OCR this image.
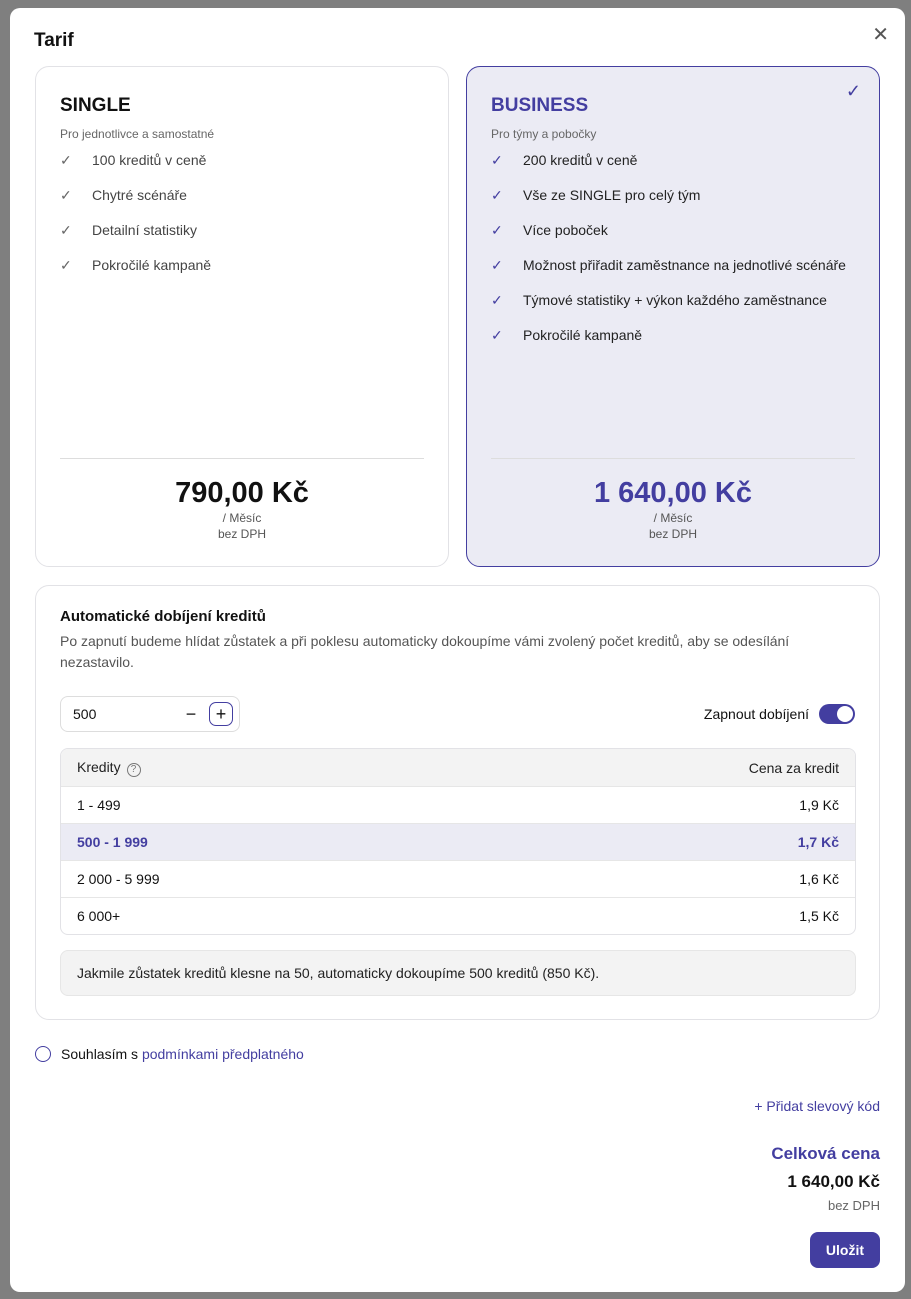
Tarif	✕
SINGLE
Pro jednotlivce a samostatné
✓	100 kreditů v ceně
✓	Chytré scénáře
✓	Detailní statistiky
✓	Pokročilé kampaně
790,00 Kč
/ Měsíc
bez DPH
✓
BUSINESS
Pro týmy a pobočky
✓	200 kreditů v ceně
✓	Vše ze SINGLE pro celý tým
✓	Více poboček
✓	Možnost přiřadit zaměstnance na jednotlivé scénáře
✓	Týmové statistiky + výkon každého zaměstnance
✓	Pokročilé kampaně
1 640,00 Kč
/ Měsíc
bez DPH
Automatické dobíjení kreditů
Po zapnutí budeme hlídat zůstatek a při poklesu automaticky dokoupíme vámi zvolený počet kreditů, aby se odesílání nezastavilo.
500	−	+	Zapnout dobíjení
Kredity ?	Cena za kredit
1 - 499	1,9 Kč
500 - 1 999	1,7 Kč
2 000 - 5 999	1,6 Kč
6 000+	1,5 Kč
Jakmile zůstatek kreditů klesne na 50, automaticky dokoupíme 500 kreditů (850 Kč).
Souhlasím s podmínkami předplatného
+ Přidat slevový kód
Celková cena
1 640,00 Kč
bez DPH
Uložit
